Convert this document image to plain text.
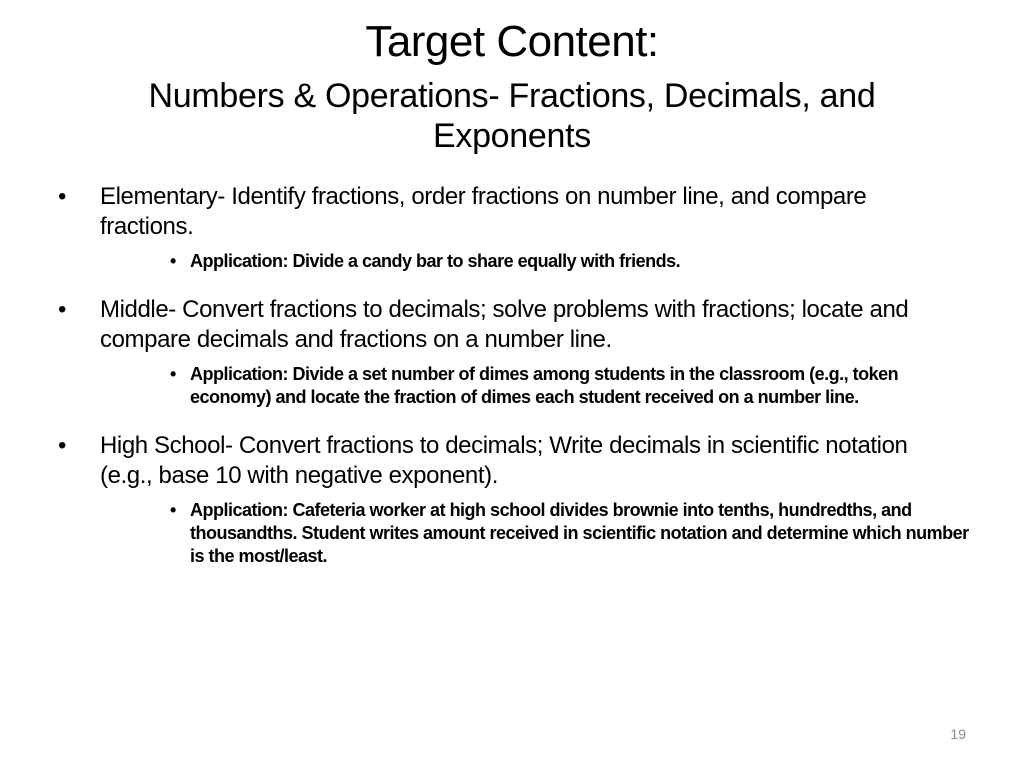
Target Content:
Numbers & Operations- Fractions, Decimals, and
Exponents
•	Elementary- Identify fractions, order fractions on number line, and compare fractions.
• Application: Divide a candy bar to share equally with friends.
•	Middle- Convert fractions to decimals; solve problems with fractions; locate and compare decimals and fractions on a number line.
• Application: Divide a set number of dimes among students in the classroom (e.g., token economy) and locate the fraction of dimes each student received on a number line.
•	High School- Convert fractions to decimals; Write decimals in scientific notation (e.g., base 10 with negative exponent).
• Application: Cafeteria worker at high school divides brownie into tenths, hundredths, and thousandths. Student writes amount received in scientific notation and determine which number is the most/least.
19
